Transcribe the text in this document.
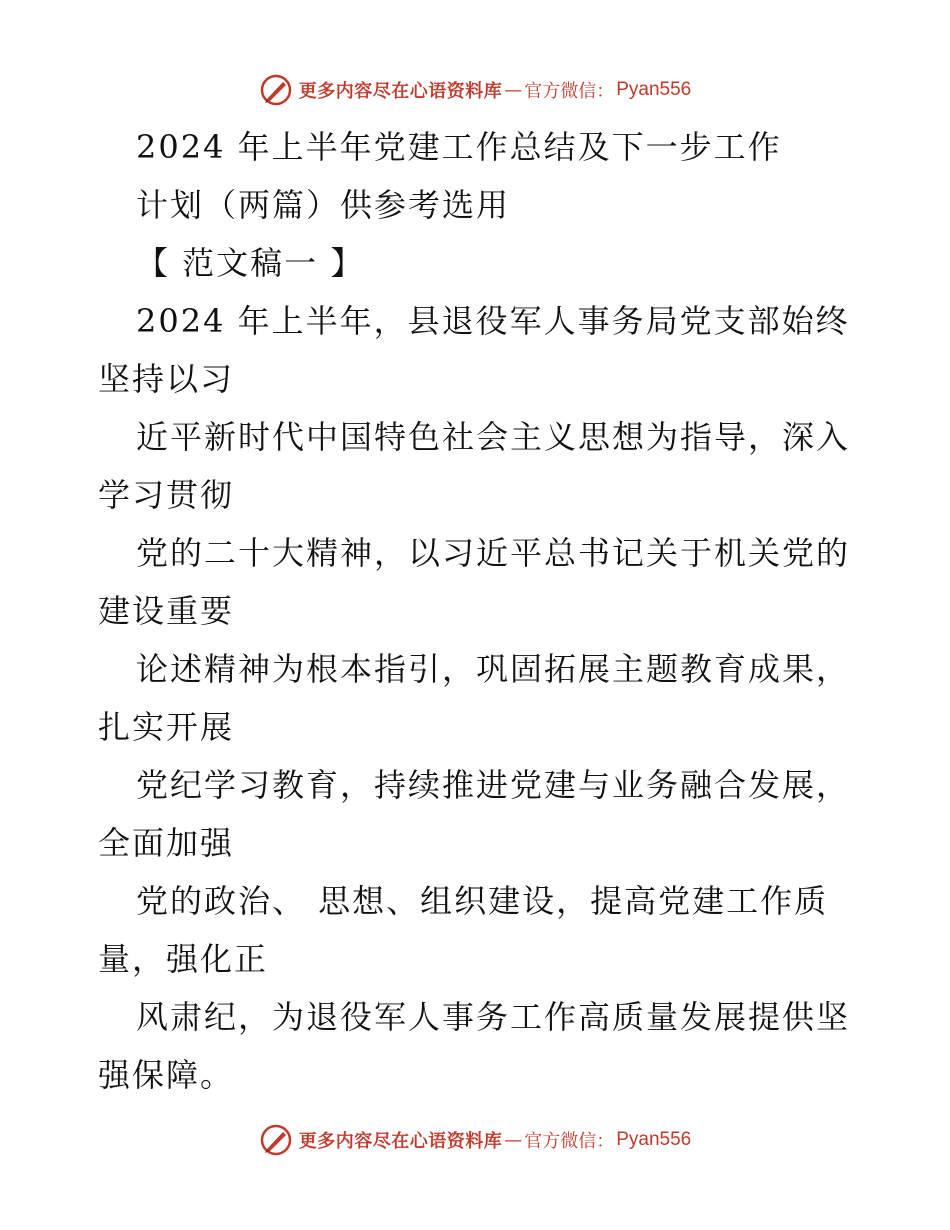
更多内容尽在心语资料库 — 官方微信： Pyan556
2024 年上半年党建工作总结及下一步工作
计划（两篇）供参考选用
【 范文稿一 】
2024 年上半年，县退役军人事务局党支部始终
坚持以习
近平新时代中国特色社会主义思想为指导，深入
学习贯彻
党的二十大精神，以习近平总书记关于机关党的
建设重要
论述精神为根本指引，巩固拓展主题教育成果，
扎实开展
党纪学习教育，持续推进党建与业务融合发展，
全面加强
党的政治、 思想、组织建设，提高党建工作质
量，强化正
风肃纪，为退役军人事务工作高质量发展提供坚
强保障。
更多内容尽在心语资料库 — 官方微信： Pyan556
